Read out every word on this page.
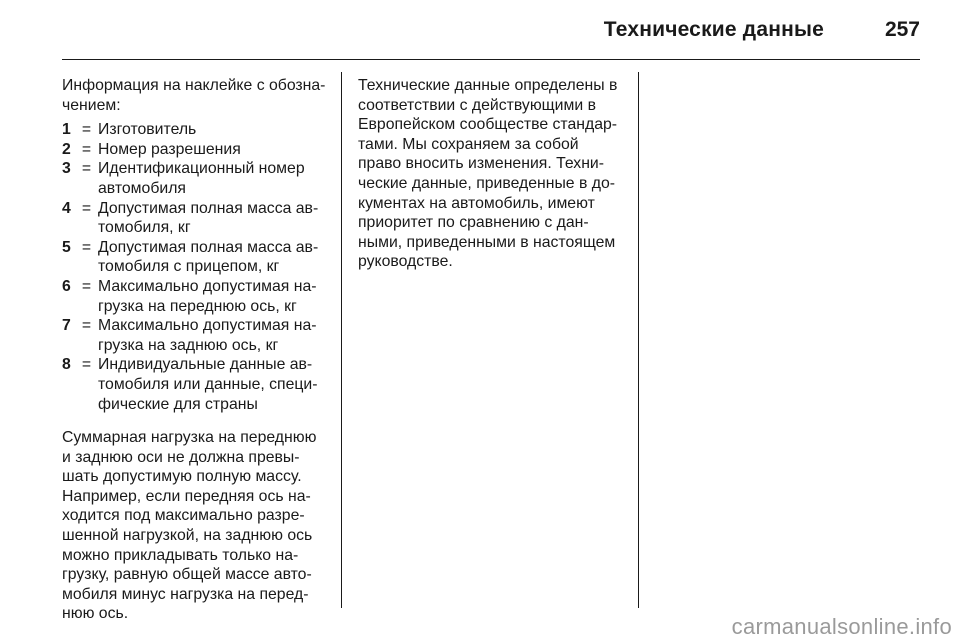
Технические данные	257

Информация на наклейке с обозна-
чением:

1 = Изготовитель
2 = Номер разрешения
3 = Идентификационный номер
автомобиля
4 = Допустимая полная масса ав-
томобиля, кг
5 = Допустимая полная масса ав-
томобиля с прицепом, кг
6 = Максимально допустимая на-
грузка на переднюю ось, кг
7 = Максимально допустимая на-
грузка на заднюю ось, кг
8 = Индивидуальные данные ав-
томобиля или данные, специ-
фические для страны

Суммарная нагрузка на переднюю
и заднюю оси не должна превы-
шать допустимую полную массу.
Например, если передняя ось на-
ходится под максимально разре-
шенной нагрузкой, на заднюю ось
можно прикладывать только на-
грузку, равную общей массе авто-
мобиля минус нагрузка на перед-
нюю ось.

Технические данные определены в
соответствии с действующими в
Европейском сообществе стандар-
тами. Мы сохраняем за собой
право вносить изменения. Техни-
ческие данные, приведенные в до-
кументах на автомобиль, имеют
приоритет по сравнению с дан-
ными, приведенными в настоящем
руководстве.

carmanualsonline.info
